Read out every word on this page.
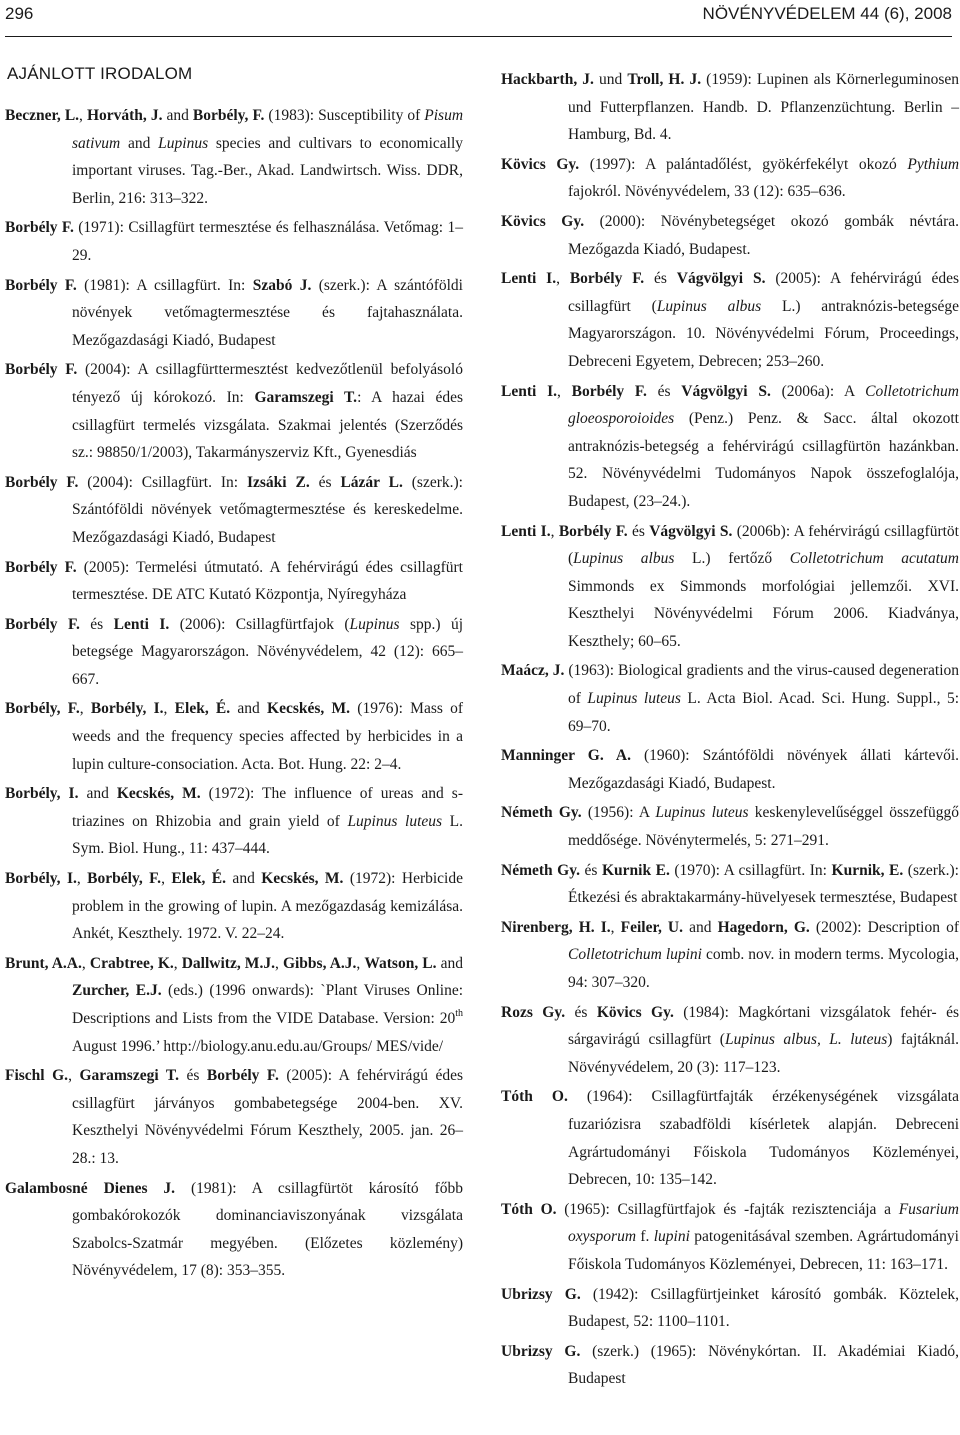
296	NÖVÉNYVÉDELEM 44 (6), 2008
AJÁNLOTT IRODALOM

Beczner, L., Horváth, J. and Borbély, F. (1983): Susceptibility of Pisum sativum and Lupinus species and cultivars to economically important viruses. Tag.-Ber., Akad. Landwirtsch. Wiss. DDR, Berlin, 216: 313–322.

Borbély F. (1971): Csillagfürt termesztése és felhasználása. Vetőmag: 1–29.

Borbély F. (1981): A csillagfürt. In: Szabó J. (szerk.): A szántóföldi növények vetőmagtermesztése és fajtahasználata. Mezőgazdasági Kiadó, Budapest

Borbély F. (2004): A csillagfürttermesztést kedvezőtlenül befolyásoló tényező új kórokozó. In: Garamszegi T.: A hazai édes csillagfürt termelés vizsgálata. Szakmai jelentés (Szerződés sz.: 98850/1/2003), Takarmányszerviz Kft., Gyenesdiás

Borbély F. (2004): Csillagfürt. In: Izsáki Z. és Lázár L. (szerk.): Szántóföldi növények vetőmagtermesztése és kereskedelme. Mezőgazdasági Kiadó, Budapest

Borbély F. (2005): Termelési útmutató. A fehérvirágú édes csillagfürt termesztése. DE ATC Kutató Központja, Nyíregyháza

Borbély F. és Lenti I. (2006): Csillagfürtfajok (Lupinus spp.) új betegsége Magyarországon. Növényvédelem, 42 (12): 665–667.

Borbély, F., Borbély, I., Elek, É. and Kecskés, M. (1976): Mass of weeds and the frequency species affected by herbicides in a lupin culture-consociation. Acta. Bot. Hung. 22: 2–4.

Borbély, I. and Kecskés, M. (1972): The influence of ureas and s-triazines on Rhizobia and grain yield of Lupinus luteus L. Sym. Biol. Hung., 11: 437–444.

Borbély, I., Borbély, F., Elek, É. and Kecskés, M. (1972): Herbicide problem in the growing of lupin. A mezőgazdaság kemizálása. Ankét, Keszthely. 1972. V. 22–24.

Brunt, A.A., Crabtree, K., Dallwitz, M.J., Gibbs, A.J., Watson, L. and Zurcher, E.J. (eds.) (1996 onwards): `Plant Viruses Online: Descriptions and Lists from the VIDE Database. Version: 20th August 1996.’ http://biology.anu.edu.au/Groups/ MES/vide/

Fischl G., Garamszegi T. és Borbély F. (2005): A fehérvirágú édes csillagfürt járványos gombabetegsége 2004-ben. XV. Keszthelyi Növényvédelmi Fórum Keszthely, 2005. jan. 26–28.: 13.

Galambosné Dienes J. (1981): A csillagfürtöt károsító főbb gombakórokozók dominanciaviszonyának vizsgálata Szabolcs-Szatmár megyében. (Előzetes közlemény) Növényvédelem, 17 (8): 353–355.

Hackbarth, J. und Troll, H. J. (1959): Lupinen als Körnerleguminosen und Futterpflanzen. Handb. D. Pflanzenzüchtung. Berlin – Hamburg, Bd. 4.

Kövics Gy. (1997): A palántadőlést, gyökérfekélyt okozó Pythium fajokról. Növényvédelem, 33 (12): 635–636.

Kövics Gy. (2000): Növénybetegséget okozó gombák névtára. Mezőgazda Kiadó, Budapest.

Lenti I., Borbély F. és Vágvölgyi S. (2005): A fehérvirágú édes csillagfürt (Lupinus albus L.) antraknózis-betegsége Magyarországon. 10. Növényvédelmi Fórum, Proceedings, Debreceni Egyetem, Debrecen; 253–260.

Lenti I., Borbély F. és Vágvölgyi S. (2006a): A Colletotrichum gloeosporoioides (Penz.) Penz. & Sacc. által okozott antraknózis-betegség a fehérvirágú csillagfürtön hazánkban. 52. Növényvédelmi Tudományos Napok összefoglalója, Budapest, (23–24.).

Lenti I., Borbély F. és Vágvölgyi S. (2006b): A fehérvirágú csillagfürtöt (Lupinus albus L.) fertőző Colletotrichum acutatum Simmonds ex Simmonds morfológiai jellemzői. XVI. Keszthelyi Növényvédelmi Fórum 2006. Kiadványa, Keszthely; 60–65.

Maácz, J. (1963): Biological gradients and the virus-caused degeneration of Lupinus luteus L. Acta Biol. Acad. Sci. Hung. Suppl., 5: 69–70.

Manninger G. A. (1960): Szántóföldi növények állati kártevői. Mezőgazdasági Kiadó, Budapest.

Németh Gy. (1956): A Lupinus luteus keskenylevelűséggel összefüggő meddősége. Növénytermelés, 5: 271–291.

Németh Gy. és Kurnik E. (1970): A csillagfürt. In: Kurnik, E. (szerk.): Étkezési és abraktakarmány-hüvelyesek termesztése, Budapest

Nirenberg, H. I., Feiler, U. and Hagedorn, G. (2002): Description of Colletotrichum lupini comb. nov. in modern terms. Mycologia, 94: 307–320.

Rozs Gy. és Kövics Gy. (1984): Magkórtani vizsgálatok fehér- és sárgavirágú csillagfürt (Lupinus albus, L. luteus) fajtáknál. Növényvédelem, 20 (3): 117–123.

Tóth O. (1964): Csillagfürtfajták érzékenységének vizsgálata fuzariózisra szabadföldi kísérletek alapján. Debreceni Agrártudományi Főiskola Tudományos Közleményei, Debrecen, 10: 135–142.

Tóth O. (1965): Csillagfürtfajok és -fajták rezisztenciája a Fusarium oxysporum f. lupini patogenitásával szemben. Agrártudományi Főiskola Tudományos Közleményei, Debrecen, 11: 163–171.

Ubrizsy G. (1942): Csillagfürtjeinket károsító gombák. Köztelek, Budapest, 52: 1100–1101.

Ubrizsy G. (szerk.) (1965): Növénykórtan. II. Akadémiai Kiadó, Budapest
